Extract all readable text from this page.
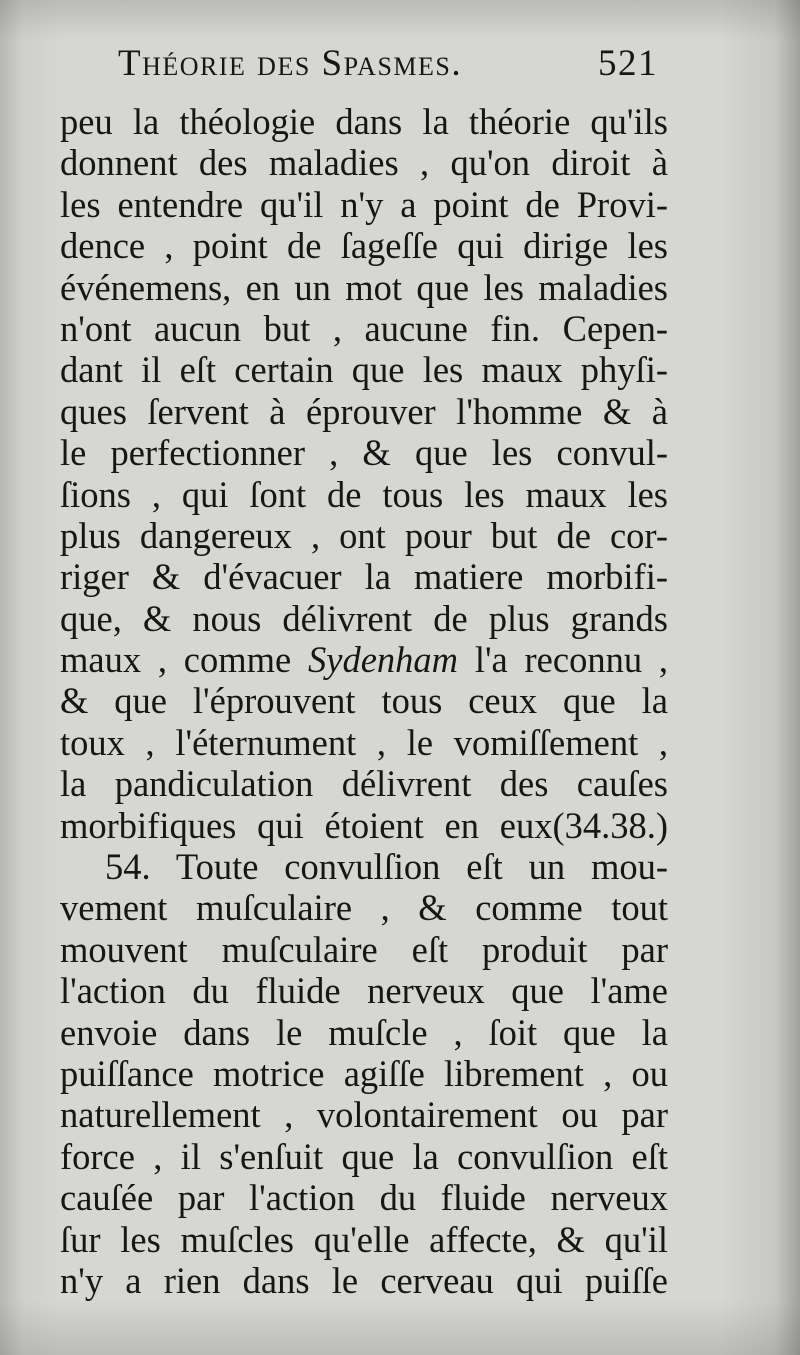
Théorie des Spasmes.	521
peu la théologie dans la théorie qu'ils
donnent des maladies , qu'on diroit à
les entendre qu'il n'y a point de Provi-
dence , point de ſageſſe qui dirige les
événemens, en un mot que les maladies
n'ont aucun but , aucune fin. Cepen-
dant il eſt certain que les maux phyſi-
ques ſervent à éprouver l'homme & à
le perfectionner , & que les convul-
ſions , qui ſont de tous les maux les
plus dangereux , ont pour but de cor-
riger & d'évacuer la matiere morbifi-
que, & nous délivrent de plus grands
maux , comme Sydenham l'a reconnu ,
& que l'éprouvent tous ceux que la
toux , l'éternument , le vomiſſement ,
la pandiculation délivrent des cauſes
morbifiques qui étoient en eux(34.38.)
54. Toute convulſion eſt un mou-
vement muſculaire , & comme tout
mouvent muſculaire eſt produit par
l'action du fluide nerveux que l'ame
envoie dans le muſcle , ſoit que la
puiſſance motrice agiſſe librement , ou
naturellement , volontairement ou par
force , il s'enſuit que la convulſion eſt
cauſée par l'action du fluide nerveux
ſur les muſcles qu'elle affecte, & qu'il
n'y a rien dans le cerveau qui puiſſe
